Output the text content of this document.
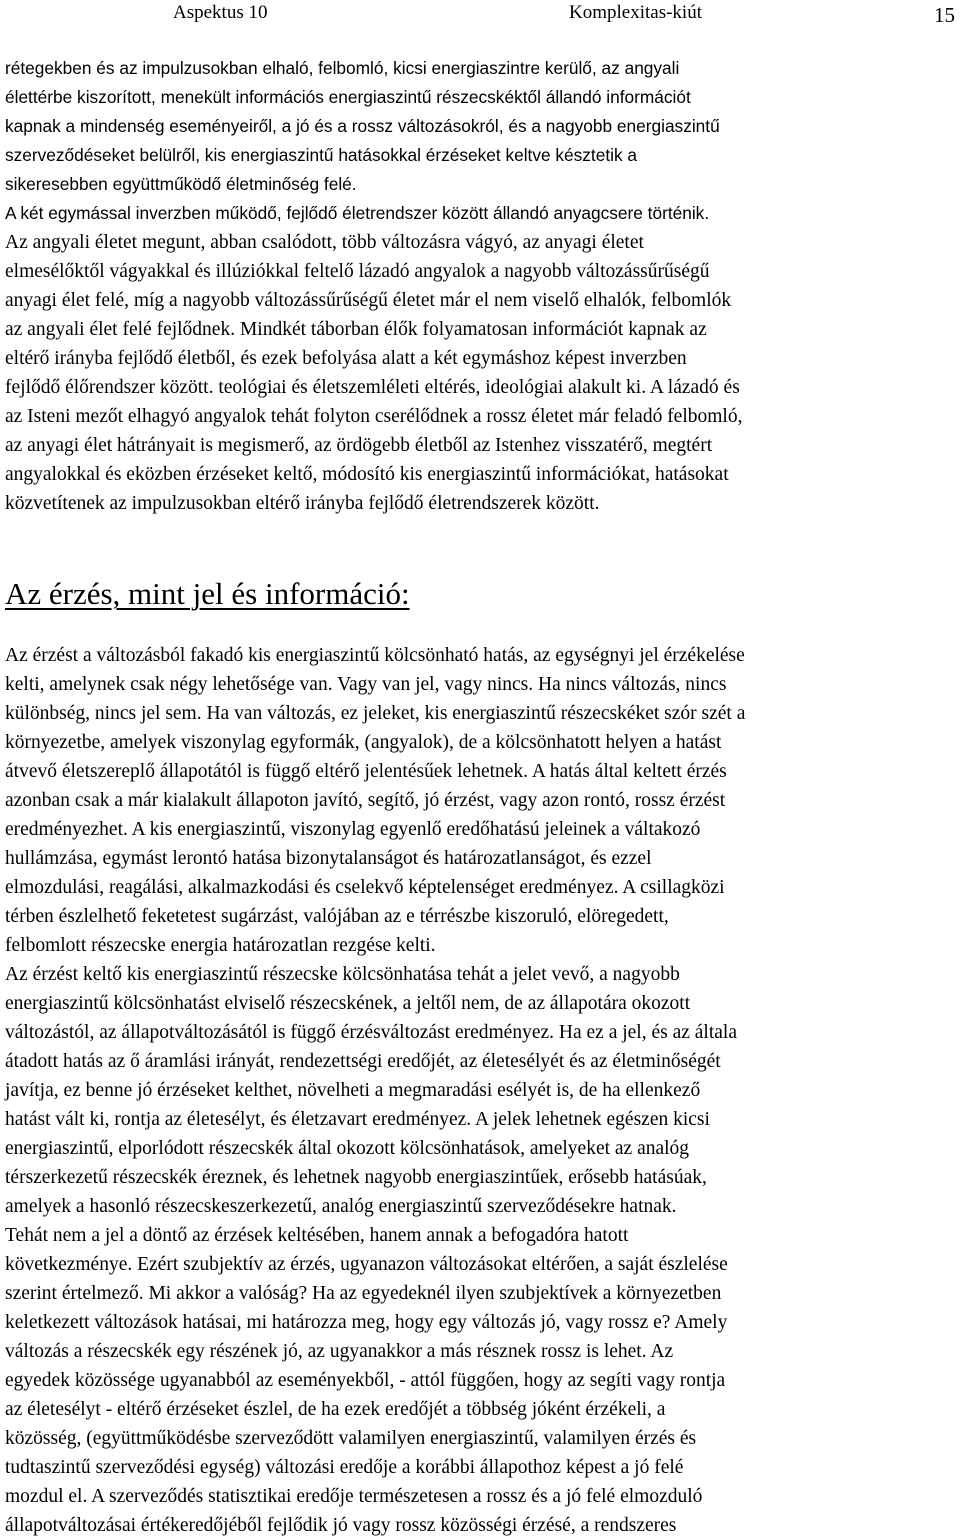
Aspektus 10	Komplexitas-kiút	15
rétegekben és az impulzusokban elhaló, felbomló, kicsi energiaszintre kerülő, az angyali
élettérbe kiszorított, menekült információs energiaszintű részecskéktől állandó információt
kapnak a mindenség eseményeiről, a jó és a rossz változásokról, és a nagyobb energiaszintű
szerveződéseket belülről, kis energiaszintű hatásokkal érzéseket keltve késztetik a
sikeresebben együttműködő életminőség felé.
A két egymással inverzben működő, fejlődő életrendszer között állandó anyagcsere történik.
Az angyali életet megunt, abban csalódott, több változásra vágyó, az anyagi életet
elmesélőktől vágyakkal és illúziókkal feltelő lázadó angyalok a nagyobb változássűrűségű
anyagi élet felé, míg a nagyobb változássűrűségű életet már el nem viselő elhalók, felbomlók
az angyali élet felé fejlődnek. Mindkét táborban élők folyamatosan információt kapnak az
eltérő irányba fejlődő életből, és ezek befolyása alatt a két egymáshoz képest inverzben
fejlődő élőrendszer között. teológiai és életszemléleti eltérés, ideológiai alakult ki. A lázadó és
az Isteni mezőt elhagyó angyalok tehát folyton cserélődnek a rossz életet már feladó felbomló,
az anyagi élet hátrányait is megismerő, az ördögebb életből az Istenhez visszatérő, megtért
angyalokkal és eközben érzéseket keltő, módosító kis energiaszintű információkat, hatásokat
közvetítenek az impulzusokban eltérő irányba fejlődő életrendszerek között.
Az érzés, mint jel és információ:
Az érzést a változásból fakadó kis energiaszintű kölcsönható hatás, az egységnyi jel érzékelése
kelti, amelynek csak négy lehetősége van. Vagy van jel, vagy nincs. Ha nincs változás, nincs
különbség, nincs jel sem. Ha van változás, ez jeleket, kis energiaszintű részecskéket szór szét a
környezetbe, amelyek viszonylag egyformák, (angyalok), de a kölcsönhatott helyen a hatást
átvevő életszereplő állapotától is függő eltérő jelentésűek lehetnek. A hatás által keltett érzés
azonban csak a már kialakult állapoton javító, segítő, jó érzést, vagy azon rontó, rossz érzést
eredményezhet. A kis energiaszintű, viszonylag egyenlő eredőhatású jeleinek a váltakozó
hullámzása, egymást lerontó hatása bizonytalanságot és határozatlanságot, és ezzel
elmozdulási, reagálási, alkalmazkodási és cselekvő képtelenséget eredményez. A csillagközi
térben észlelhető feketetest sugárzást, valójában az e térrészbe kiszoruló, elöregedett,
felbomlott részecske energia határozatlan rezgése kelti.
Az érzést keltő kis energiaszintű részecske kölcsönhatása tehát a jelet vevő, a nagyobb
energiaszintű kölcsönhatást elviselő részecskének, a jeltől nem, de az állapotára okozott
változástól, az állapotváltozásától is függő érzésváltozást eredményez. Ha ez a jel, és az általa
átadott hatás az ő áramlási irányát, rendezettségi eredőjét, az életesélyét és az életminőségét
javítja, ez benne jó érzéseket kelthet, növelheti a megmaradási esélyét is, de ha ellenkező
hatást vált ki, rontja az életesélyt, és életzavart eredményez. A jelek lehetnek egészen kicsi
energiaszintű, elporlódott részecskék által okozott kölcsönhatások, amelyeket az analóg
térszerkezetű részecskék éreznek, és lehetnek nagyobb energiaszintűek, erősebb hatásúak,
amelyek a hasonló részecskeszerkezetű, analóg energiaszintű szerveződésekre hatnak.
Tehát nem a jel a döntő az érzések keltésében, hanem annak a befogadóra hatott
következménye. Ezért szubjektív az érzés, ugyanazon változásokat eltérően, a saját észlelése
szerint értelmező. Mi akkor a valóság? Ha az egyedeknél ilyen szubjektívek a környezetben
keletkezett változások hatásai, mi határozza meg, hogy egy változás jó, vagy rossz e? Amely
változás a részecskék egy részének jó, az ugyanakkor a más résznek rossz is lehet. Az
egyedek közössége ugyanabból az eseményekből, - attól függően, hogy az segíti vagy rontja
az életesélyt - eltérő érzéseket észlel, de ha ezek eredőjét a többség jóként érzékeli, a
közösség, (együttműködésbe szerveződött valamilyen energiaszintű, valamilyen érzés és
tudtaszintű szerveződési egység) változási eredője a korábbi állapothoz képest a jó felé
mozdul el. A szerveződés statisztikai eredője természetesen a rossz és a jó felé elmozduló
állapotváltozásai értékeredőjéből fejlődik jó vagy rossz közösségi érzésé, a rendszeres
